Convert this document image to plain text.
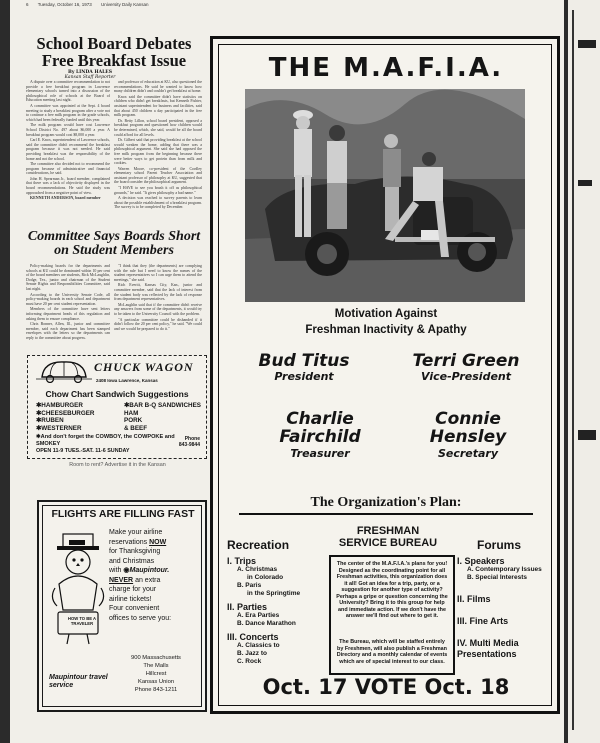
6 Tuesday, October 16, 1973 University Daily Kansan
School Board Debates Free Breakfast Issue
By LINDA HALES
Kansan Staff Reporter

A dispute over a committee recommendation to not provide a free breakfast program in Lawrence elementary schools turned into a discussion of the philosophical role of schools at the Board of Education meeting last night.

A committee was appointed at the Sept. 4 board meeting to study a breakfast program after a vote not to continue a free milk program in the grade schools, which had been federally funded until this year.

The milk program would have cost Lawrence School District No. 497 about $6,000 a year. A breakfast program would cost $8,000 a year.

Carl E. Knox, superintendent of Lawrence schools, said the committee didn't recommend the breakfast program because it was not needed. He said providing breakfast was the responsibility of the home and not the school.

The committee also decided not to recommend the program because of administrative and financial considerations, he said.

John H. Spearman Jr., board member, complained that there was a lack of objectivity displayed in the board recommendations. He said the study was approached from a negative point of view.

KENNETH ANDERSON, board member

and professor of education at KU, also questioned the recommendations. He said he wanted to know how many children didn't and couldn't get breakfast at home.

Knox said the committee didn't have statistics on children who didn't get breakfasts, but Kenneth Fishter, assistant superintendent for business and facilities, said that about 450 children a day participated in the free milk program.

Dr. Betty Lillon, school board president, opposed a breakfast program and questioned how children would be determined, which, she said, would be all the board could afford for all levels.

Dr. Gilbert said that providing breakfast at the school would weaken the home, adding that there was a philosophical argument. She said she had opposed the free milk program from the beginning because there were better ways to get protein than from milk and cookies.

Warren Moore, co-president of the Cordley elementary school Parent Teacher Association and assistant professor of philosophy at KU, suggested that the board consider the philosophical argument.

"I HAVE to see you brush it off as philosophical grounds," he said. "It gives philosophy a bad name."

A decision was reached to survey parents to learn about the possible establishment of a breakfast program. The survey is to be completed by December.

Committee Says Boards Short on Student Members

Policy-making boards for the departments and schools at KU could be dominated within 10 per cent of the board members are students, Rick McLaughlin, Dodge, Tex., junior and chairman of the Student Senate Rights and Responsibilities Committee, said last night.

According to the University Senate Code, all policy-making boards in each school and department must have 20 per cent student representation.

Members of the committee have sent letters informing department heads of this regulation and asking them to ensure compliance.

Chris Bonner, Allen, Ill., junior and committee member, said each department has been stamped envelopes with the letters so the departments can reply to the committee about progress.

"I think that they (the departments) are complying with the rule but I need to know the names of the student representatives so I can urge them to attend the meetings," she said.

Rich Everitt, Kansas City, Kan., junior and committee member, said that the lack of interest from the student body was reflected by the lack of response from department representatives.

McLaughlin said that if the committee didn't receive any answers from some of the departments, it would try to be taken to the University Council with the problem.

"A particular committee could be disbanded if it didn't follow the 20 per cent policy," he said. "We could and we would be prepared to do it."

CHUCK WAGON
2408 Iowa Lawrence, Kansas
Chow Chart Sandwich Suggestions
✱HAMBURGER
✱CHEESEBURGER
✱RUBEN
✱WESTERNER
✱BAR B-Q SANDWICHES
HAM
PORK
& BEEF
✱And don't forget the COWBOY, the COWPOKE and SMOKEY
Phone
843-9844
OPEN 11-9 TUES.-SAT. 11-6 SUNDAY
Room to rent? Advertise it in the Kansan
FLIGHTS ARE FILLING FAST
HOW TO BE A TRAVELER
Make your airline
reservations NOW
for Thanksgiving
and Christmas
with ◉Maupintour.
NEVER an extra
charge for your
airline tickets!
Four convenient
offices to serve you:
900 Massachusetts
The Malls
Hillcrest
Kansas Union
Phone 843-1211
Maupintour travel service
THE M.A.F.I.A.
Motivation Against
Freshman Inactivity & Apathy
Bud Titus
President
Terri Green
Vice-President
Charlie Fairchild
Treasurer
Connie Hensley
Secretary
The Organization's Plan:
Recreation
I. Trips
A. Christmas
in Colorado
B. Paris
in the Springtime
II. Parties
A. Era Parties
B. Dance Marathon
III. Concerts
A. Classics to
B. Jazz to
C. Rock
FRESHMAN
SERVICE BUREAU
The center of the M.A.F.I.A.'s plans for you! Designed as the coordinating point for all Freshman activities, this organization does it all! Got an idea for a trip, party, or a suggestion for another type of activity? Perhaps a gripe or question concerning the University? Bring it to this group for help and immediate action. If we don't have the answer we'll find out where to get it.
The Bureau, which will be staffed entirely by Freshmen, will also publish a Freshman Directory and a monthly calendar of events which are of special interest to our class.
Forums
I. Speakers
A. Contemporary Issues
B. Special Interests
II. Films
III. Fine Arts
IV. Multi Media Presentations
Oct. 17 VOTE Oct. 18
